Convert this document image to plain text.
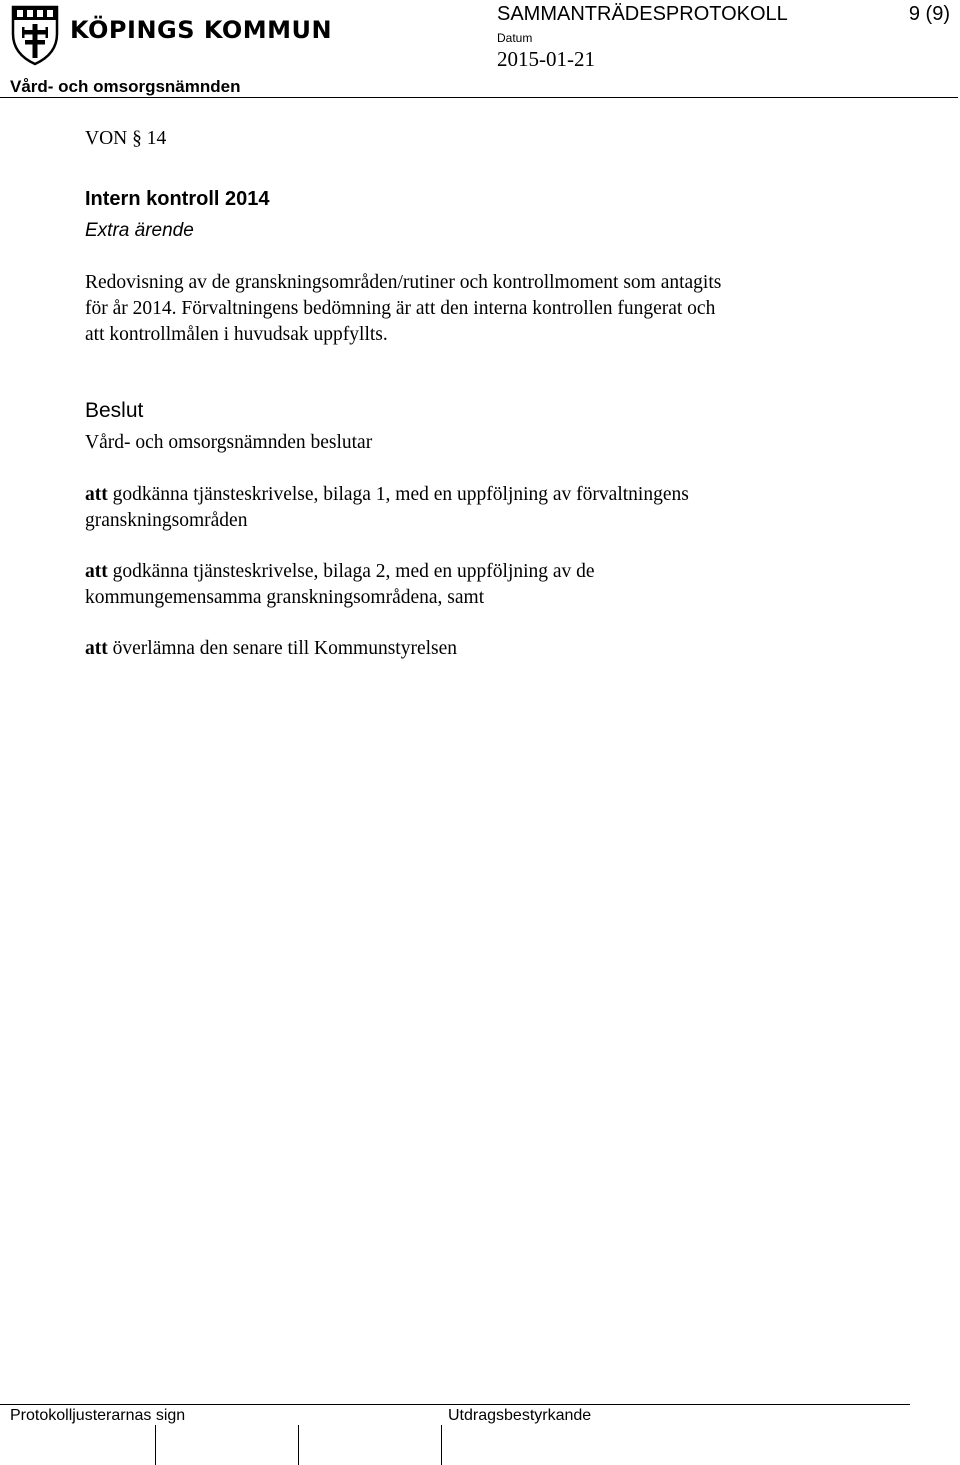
KÖPINGS KOMMUN
Vård- och omsorgsnämnden
SAMMANTRÄDESPROTOKOLL	9 (9)
Datum
2015-01-21
VON § 14
Intern kontroll 2014
Extra ärende
Redovisning av de granskningsområden/rutiner och kontrollmoment som antagits
för år 2014. Förvaltningens bedömning är att den interna kontrollen fungerat och
att kontrollmålen i huvudsak uppfyllts.
Beslut
Vård- och omsorgsnämnden beslutar
att godkänna tjänsteskrivelse, bilaga 1, med en uppföljning av förvaltningens
granskningsområden
att godkänna tjänsteskrivelse, bilaga 2, med en uppföljning av de
kommungemensamma granskningsområdena, samt
att överlämna den senare till Kommunstyrelsen
Protokolljusterarnas sign	Utdragsbestyrkande
